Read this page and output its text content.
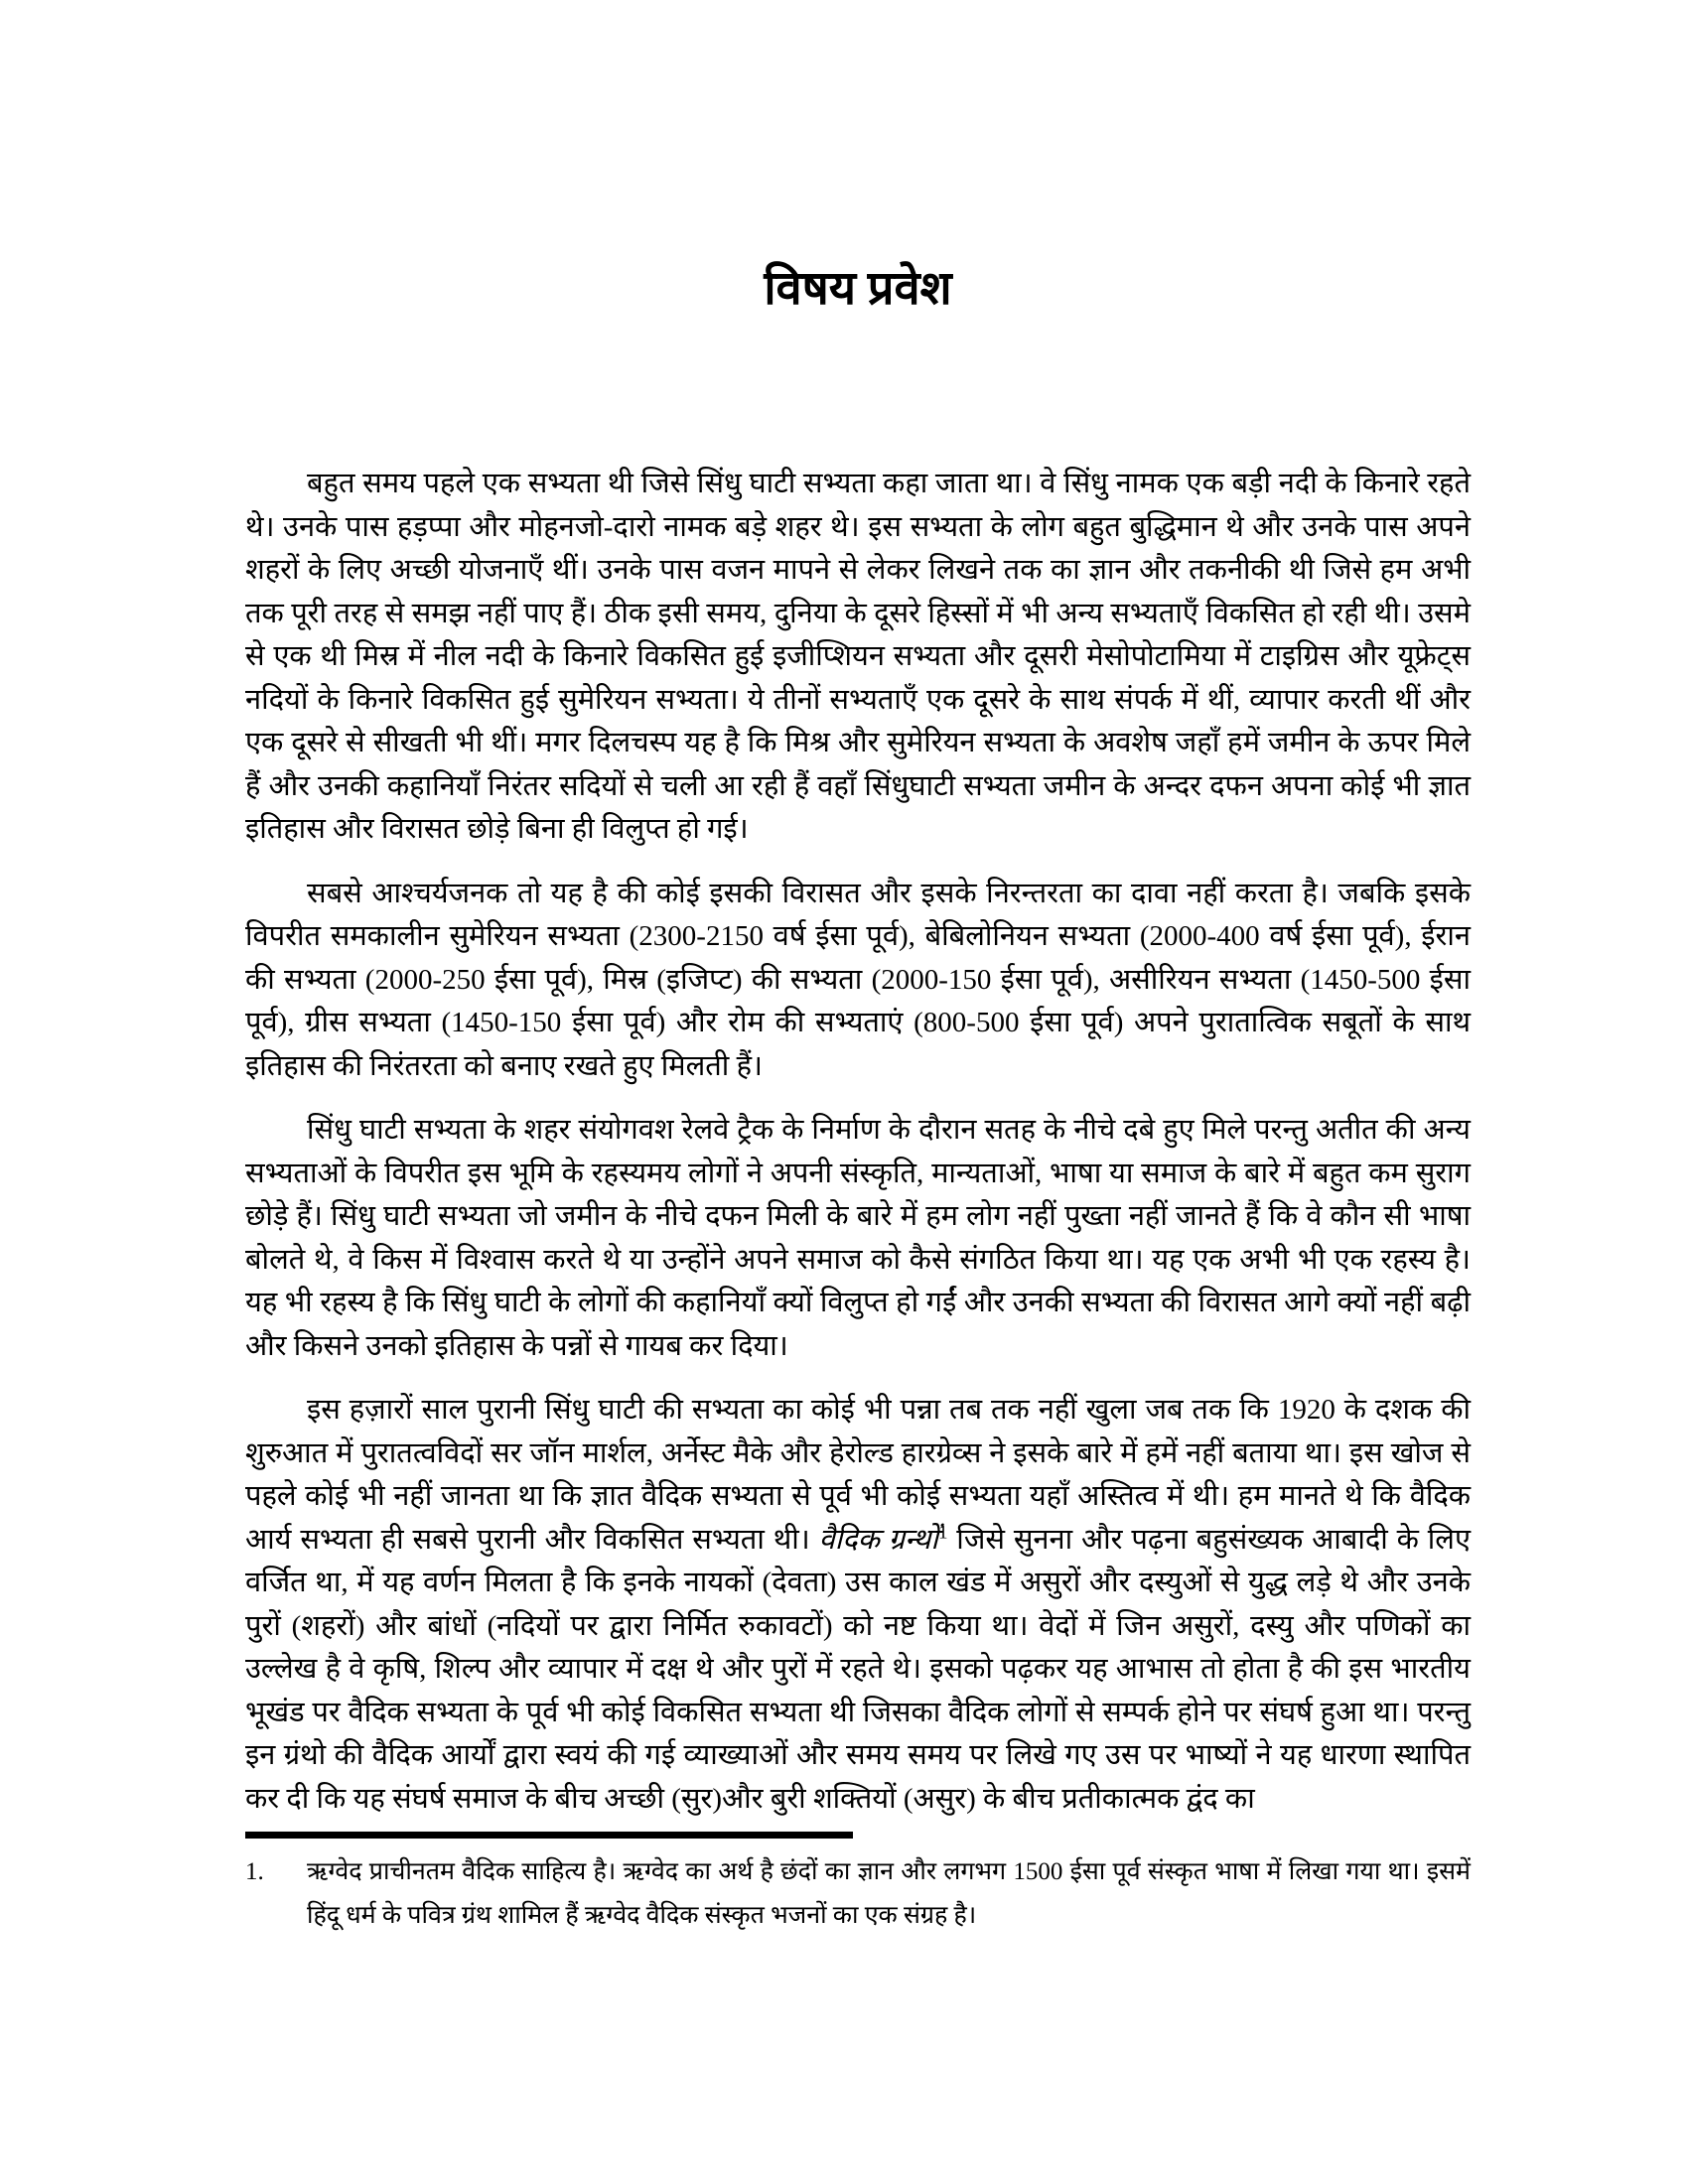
विषय प्रवेश

बहुत समय पहले एक सभ्यता थी जिसे सिंधु घाटी सभ्यता कहा जाता था। वे सिंधु नामक एक बड़ी नदी के किनारे रहते थे। उनके पास हड़प्पा और मोहनजो-दारो नामक बड़े शहर थे। इस सभ्यता के लोग बहुत बुद्धिमान थे और उनके पास अपने शहरों के लिए अच्छी योजनाएँ थीं। उनके पास वजन मापने से लेकर लिखने तक का ज्ञान और तकनीकी थी जिसे हम अभी तक पूरी तरह से समझ नहीं पाए हैं। ठीक इसी समय, दुनिया के दूसरे हिस्सों में भी अन्य सभ्यताएँ विकसित हो रही थी। उसमे से एक थी मिस्र में नील नदी के किनारे विकसित हुई इजीप्शियन सभ्यता और दूसरी मेसोपोटामिया में टाइग्रिस और यूफ्रेट्स नदियों के किनारे विकसित हुई सुमेरियन सभ्यता। ये तीनों सभ्यताएँ एक दूसरे के साथ संपर्क में थीं, व्यापार करती थीं और एक दूसरे से सीखती भी थीं। मगर दिलचस्प यह है कि मिश्र और सुमेरियन सभ्यता के अवशेष जहाँ हमें जमीन के ऊपर मिले हैं और उनकी कहानियाँ निरंतर सदियों से चली आ रही हैं वहाँ सिंधुघाटी सभ्यता जमीन के अन्दर दफन अपना कोई भी ज्ञात इतिहास और विरासत छोड़े बिना ही विलुप्त हो गई।

सबसे आश्चर्यजनक तो यह है की कोई इसकी विरासत और इसके निरन्तरता का दावा नहीं करता है। जबकि इसके विपरीत समकालीन सुमेरियन सभ्यता (2300-2150 वर्ष ईसा पूर्व), बेबिलोनियन सभ्यता (2000-400 वर्ष ईसा पूर्व), ईरान की सभ्यता (2000-250 ईसा पूर्व), मिस्र (इजिप्ट) की सभ्यता (2000-150 ईसा पूर्व), असीरियन सभ्यता (1450-500 ईसा पूर्व), ग्रीस सभ्यता (1450-150 ईसा पूर्व) और रोम की सभ्यताएं (800-500 ईसा पूर्व) अपने पुरातात्विक सबूतों के साथ इतिहास की निरंतरता को बनाए रखते हुए मिलती हैं।

सिंधु घाटी सभ्यता के शहर संयोगवश रेलवे ट्रैक के निर्माण के दौरान सतह के नीचे दबे हुए मिले परन्तु अतीत की अन्य सभ्यताओं के विपरीत इस भूमि के रहस्यमय लोगों ने अपनी संस्कृति, मान्यताओं, भाषा या समाज के बारे में बहुत कम सुराग छोड़े हैं। सिंधु घाटी सभ्यता जो जमीन के नीचे दफन मिली के बारे में हम लोग नहीं पुख्ता नहीं जानते हैं कि वे कौन सी भाषा बोलते थे, वे किस में विश्वास करते थे या उन्होंने अपने समाज को कैसे संगठित किया था। यह एक अभी भी एक रहस्य है। यह भी रहस्य है कि सिंधु घाटी के लोगों की कहानियाँ क्यों विलुप्त हो गईं और उनकी सभ्यता की विरासत आगे क्यों नहीं बढ़ी और किसने उनको इतिहास के पन्नों से गायब कर दिया।

इस हज़ारों साल पुरानी सिंधु घाटी की सभ्यता का कोई भी पन्ना तब तक नहीं खुला जब तक कि 1920 के दशक की शुरुआत में पुरातत्वविदों सर जॉन मार्शल, अर्नेस्ट मैके और हेरोल्ड हारग्रेव्स ने इसके बारे में हमें नहीं बताया था। इस खोज से पहले कोई भी नहीं जानता था कि ज्ञात वैदिक सभ्यता से पूर्व भी कोई सभ्यता यहाँ अस्तित्व में थी। हम मानते थे कि वैदिक आर्य सभ्यता ही सबसे पुरानी और विकसित सभ्यता थी। वैदिक ग्रन्थों$^1$ जिसे सुनना और पढ़ना बहुसंख्यक आबादी के लिए वर्जित था, में यह वर्णन मिलता है कि इनके नायकों (देवता) उस काल खंड में असुरों और दस्युओं से युद्ध लड़े थे और उनके पुरों (शहरों) और बांधों (नदियों पर द्वारा निर्मित रुकावटों) को नष्ट किया था। वेदों में जिन असुरों, दस्यु और पणिकों का उल्लेख है वे कृषि, शिल्प और व्यापार में दक्ष थे और पुरों में रहते थे। इसको पढ़कर यह आभास तो होता है की इस भारतीय भूखंड पर वैदिक सभ्यता के पूर्व भी कोई विकसित सभ्यता थी जिसका वैदिक लोगों से सम्पर्क होने पर संघर्ष हुआ था। परन्तु इन ग्रंथो की वैदिक आर्यों द्वारा स्वयं की गई व्याख्याओं और समय समय पर लिखे गए उस पर भाष्यों ने यह धारणा स्थापित कर दी कि यह संघर्ष समाज के बीच अच्छी (सुर)और बुरी शक्तियों (असुर) के बीच प्रतीकात्मक द्वंद का

1. ऋग्वेद प्राचीनतम वैदिक साहित्य है। ऋग्वेद का अर्थ है छंदों का ज्ञान और लगभग 1500 ईसा पूर्व संस्कृत भाषा में लिखा गया था। इसमें हिंदू धर्म के पवित्र ग्रंथ शामिल हैं ऋग्वेद वैदिक संस्कृत भजनों का एक संग्रह है।
